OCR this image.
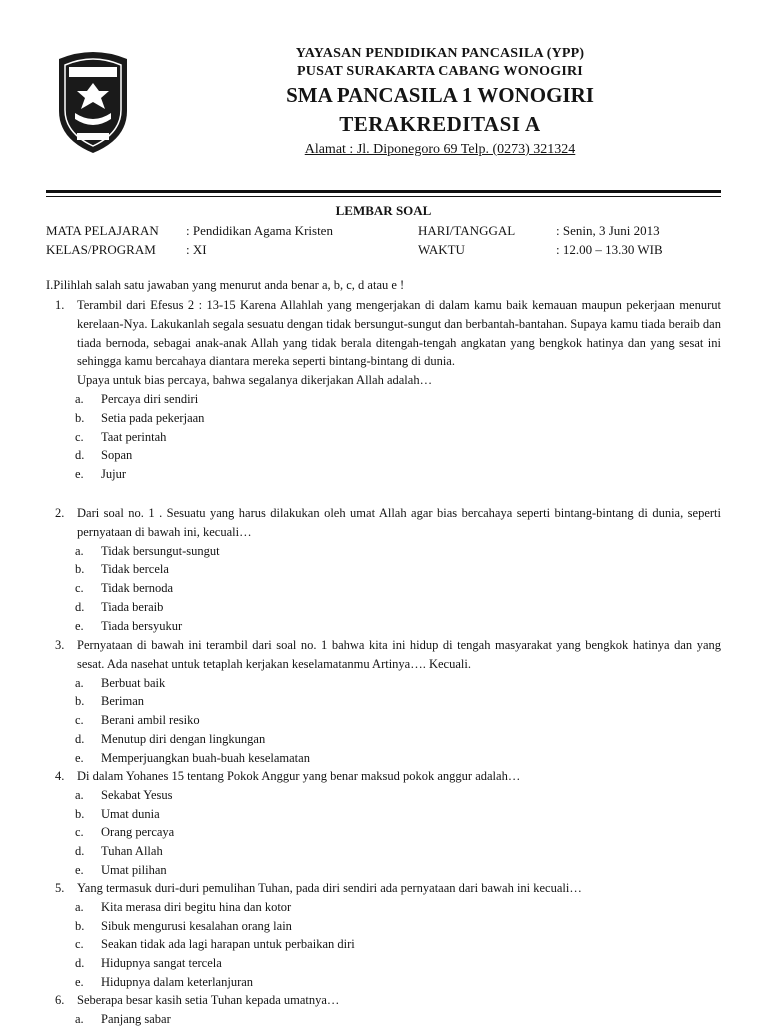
YAYASAN PENDIDIKAN PANCASILA (YPP)
PUSAT SURAKARTA CABANG WONOGIRI
SMA PANCASILA 1 WONOGIRI
TERAKREDITASI A
Alamat : Jl. Diponegoro 69 Telp. (0273) 321324
LEMBAR SOAL
MATA PELAJARAN : Pendidikan Agama Kristen
KELAS/PROGRAM : XI
HARI/TANGGAL	: Senin, 3 Juni 2013
WAKTU	: 12.00 – 13.30 WIB
I.Pilihlah salah satu jawaban yang menurut anda benar a, b, c, d atau e !
1. Terambil dari Efesus 2 : 13-15 Karena Allahlah yang mengerjakan di dalam kamu baik kemauan maupun pekerjaan menurut kerelaan-Nya. Lakukanlah segala sesuatu dengan tidak bersungut-sungut dan berbantah-bantahan. Supaya kamu tiada beraib dan tiada bernoda, sebagai anak-anak Allah yang tidak berala ditengah-tengah angkatan yang bengkok hatinya dan yang sesat ini sehingga kamu bercahaya diantara mereka seperti bintang-bintang di dunia.
Upaya untuk bias percaya, bahwa segalanya dikerjakan Allah adalah…
a. Percaya diri sendiri
b. Setia pada pekerjaan
c. Taat perintah
d. Sopan
e. Jujur
2. Dari soal no. 1 . Sesuatu yang harus dilakukan oleh umat Allah agar bias bercahaya seperti bintang-bintang di dunia, seperti pernyataan di bawah ini, kecuali…
a. Tidak bersungut-sungut
b. Tidak bercela
c. Tidak bernoda
d. Tiada beraib
e. Tiada bersyukur
3. Pernyataan di bawah ini terambil dari soal no. 1 bahwa kita ini hidup di tengah masyarakat yang bengkok hatinya dan yang sesat. Ada nasehat untuk tetaplah kerjakan keselamatanmu Artinya…. Kecuali.
a. Berbuat baik
b. Beriman
c. Berani ambil resiko
d. Menutup diri dengan lingkungan
e. Memperjuangkan buah-buah keselamatan
4. Di dalam Yohanes 15 tentang Pokok Anggur yang benar maksud pokok anggur adalah…
a. Sekabat Yesus
b. Umat dunia
c. Orang percaya
d. Tuhan Allah
e. Umat pilihan
5. Yang termasuk duri-duri pemulihan Tuhan, pada diri sendiri ada pernyataan dari bawah ini kecuali…
a. Kita merasa diri begitu hina dan kotor
b. Sibuk mengurusi kesalahan orang lain
c. Seakan tidak ada lagi harapan untuk perbaikan diri
d. Hidupnya sangat tercela
e. Hidupnya dalam keterlanjuran
6. Seberapa besar kasih setia Tuhan kepada umatnya…
a. Panjang sabar
